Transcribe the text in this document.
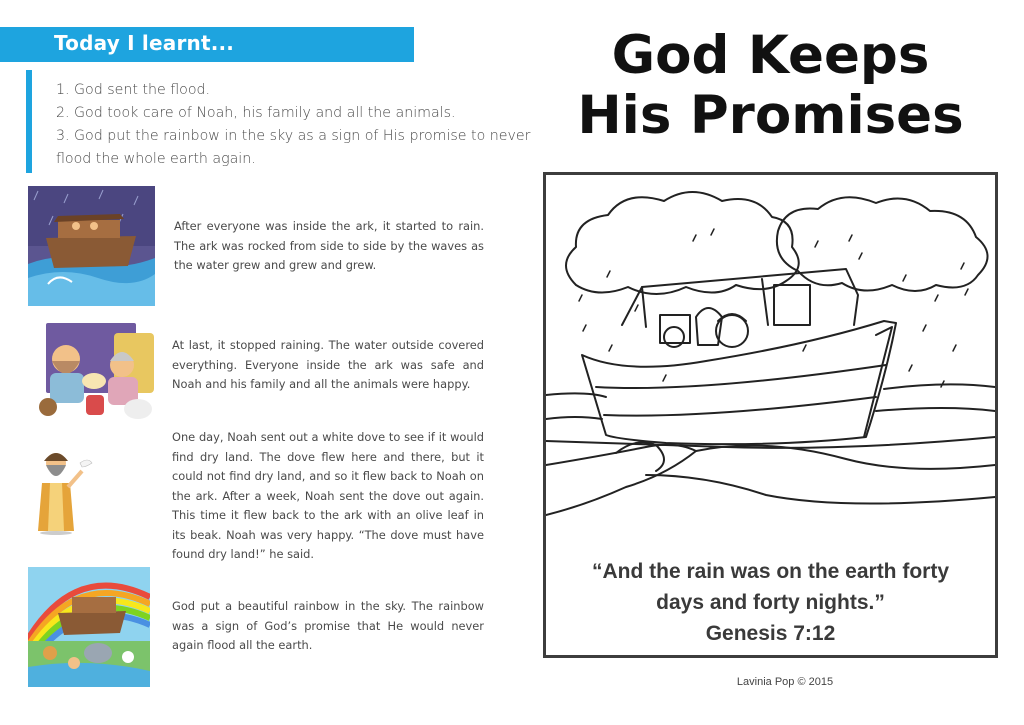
Today I learnt...
1. God sent the flood.
2. God took care of Noah, his family and all the animals.
3. God put the rainbow in the sky as a sign of His promise to never
flood the whole earth again.
After everyone was inside the ark, it started to rain. The ark was rocked from side to side by the waves as the water grew and grew and grew.
At last, it stopped raining. The water outside covered everything. Everyone inside the ark was safe and Noah and his family and all the animals were happy.
One day, Noah sent out a white dove to see if it would find dry land. The dove flew here and there, but it could not find dry land, and so it flew back to Noah on the ark. After a week, Noah sent the dove out again. This time it flew back to the ark with an olive leaf in its beak. Noah was very happy. “The dove must have found dry land!” he said.
God put a beautiful rainbow in the sky. The rainbow was a sign of God’s promise that He would never again flood all the earth.
God Keeps
His Promises
“And the rain was on the earth forty
days and forty nights.”
Genesis 7:12
Lavinia Pop © 2015
